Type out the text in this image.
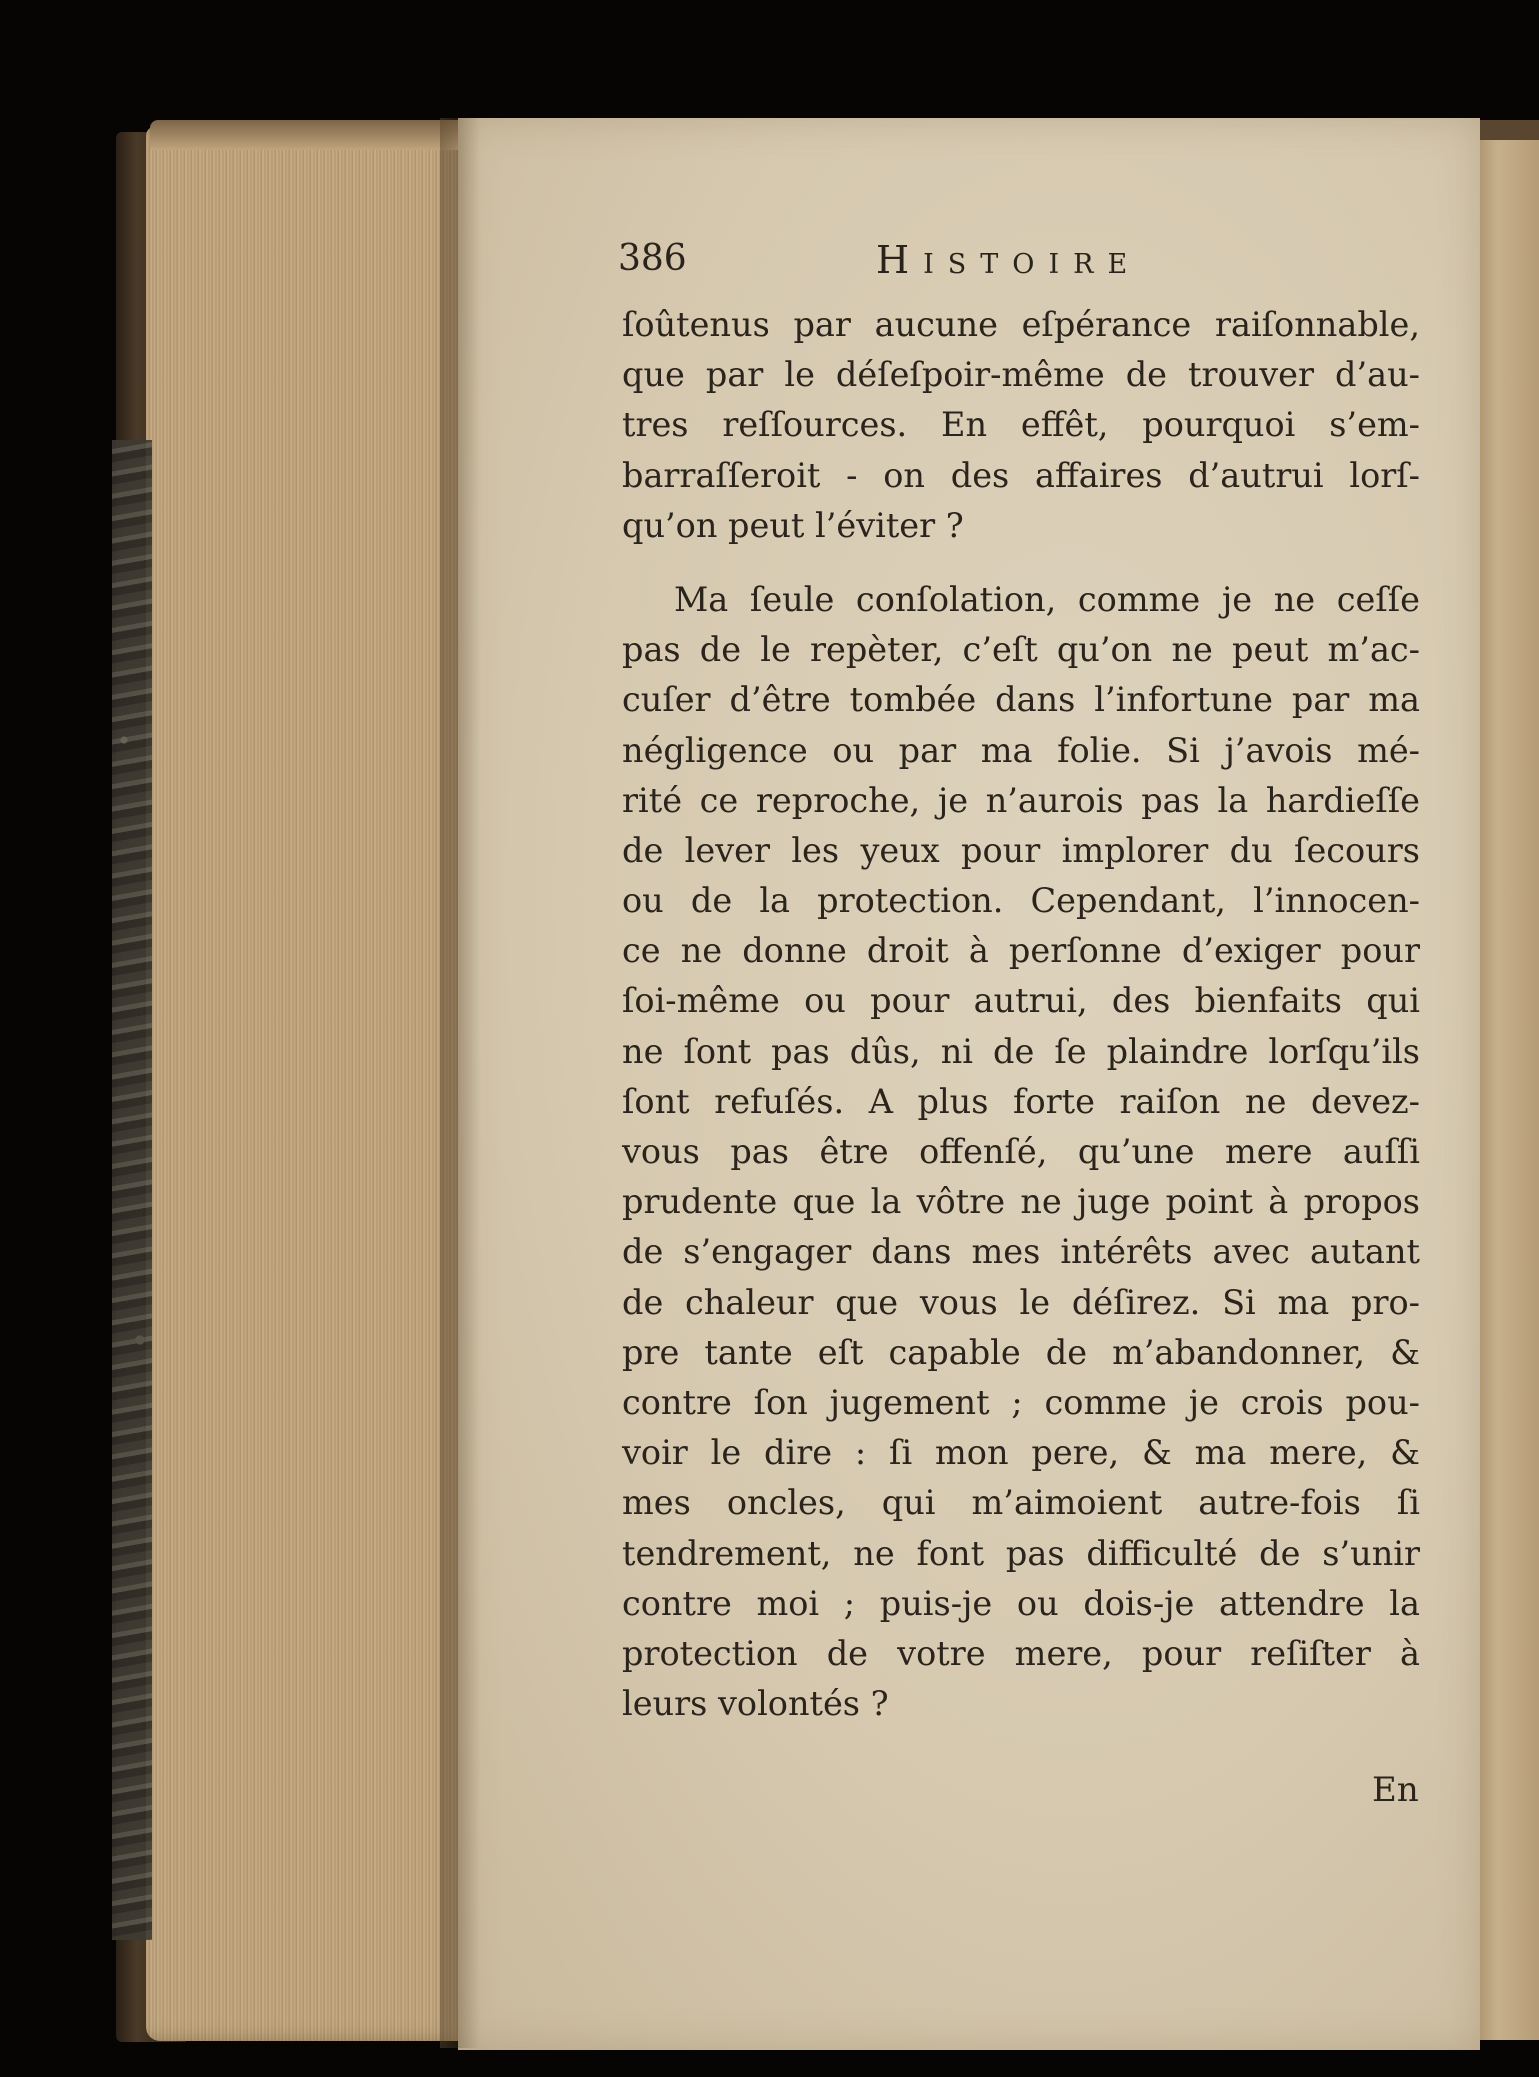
386	Histoire
ſoûtenus par aucune eſpérance raiſonnable,
que par le déſeſpoir-même de trouver d’au-
tres reſſources. En effêt, pourquoi s’em-
barraſſeroit - on des affaires d’autrui lorſ-
qu’on peut l’éviter ?
Ma ſeule conſolation, comme je ne ceſſe
pas de le repèter, c’eſt qu’on ne peut m’ac-
cuſer d’être tombée dans l’infortune par ma
négligence ou par ma folie. Si j’avois mé-
rité ce reproche, je n’aurois pas la hardieſſe
de lever les yeux pour implorer du ſecours
ou de la protection. Cependant, l’innocen-
ce ne donne droit à perſonne d’exiger pour
ſoi-même ou pour autrui, des bienfaits qui
ne ſont pas dûs, ni de ſe plaindre lorſqu’ils
ſont refuſés. A plus forte raiſon ne devez-
vous pas être offenſé, qu’une mere auſſi
prudente que la vôtre ne juge point à propos
de s’engager dans mes intérêts avec autant
de chaleur que vous le déſirez. Si ma pro-
pre tante eſt capable de m’abandonner, &
contre ſon jugement ; comme je crois pou-
voir le dire : ſi mon pere, & ma mere, &
mes oncles, qui m’aimoient autre-fois ſi
tendrement, ne font pas difficulté de s’unir
contre moi ; puis-je ou dois-je attendre la
protection de votre mere, pour reſiſter à
leurs volontés ?
En
